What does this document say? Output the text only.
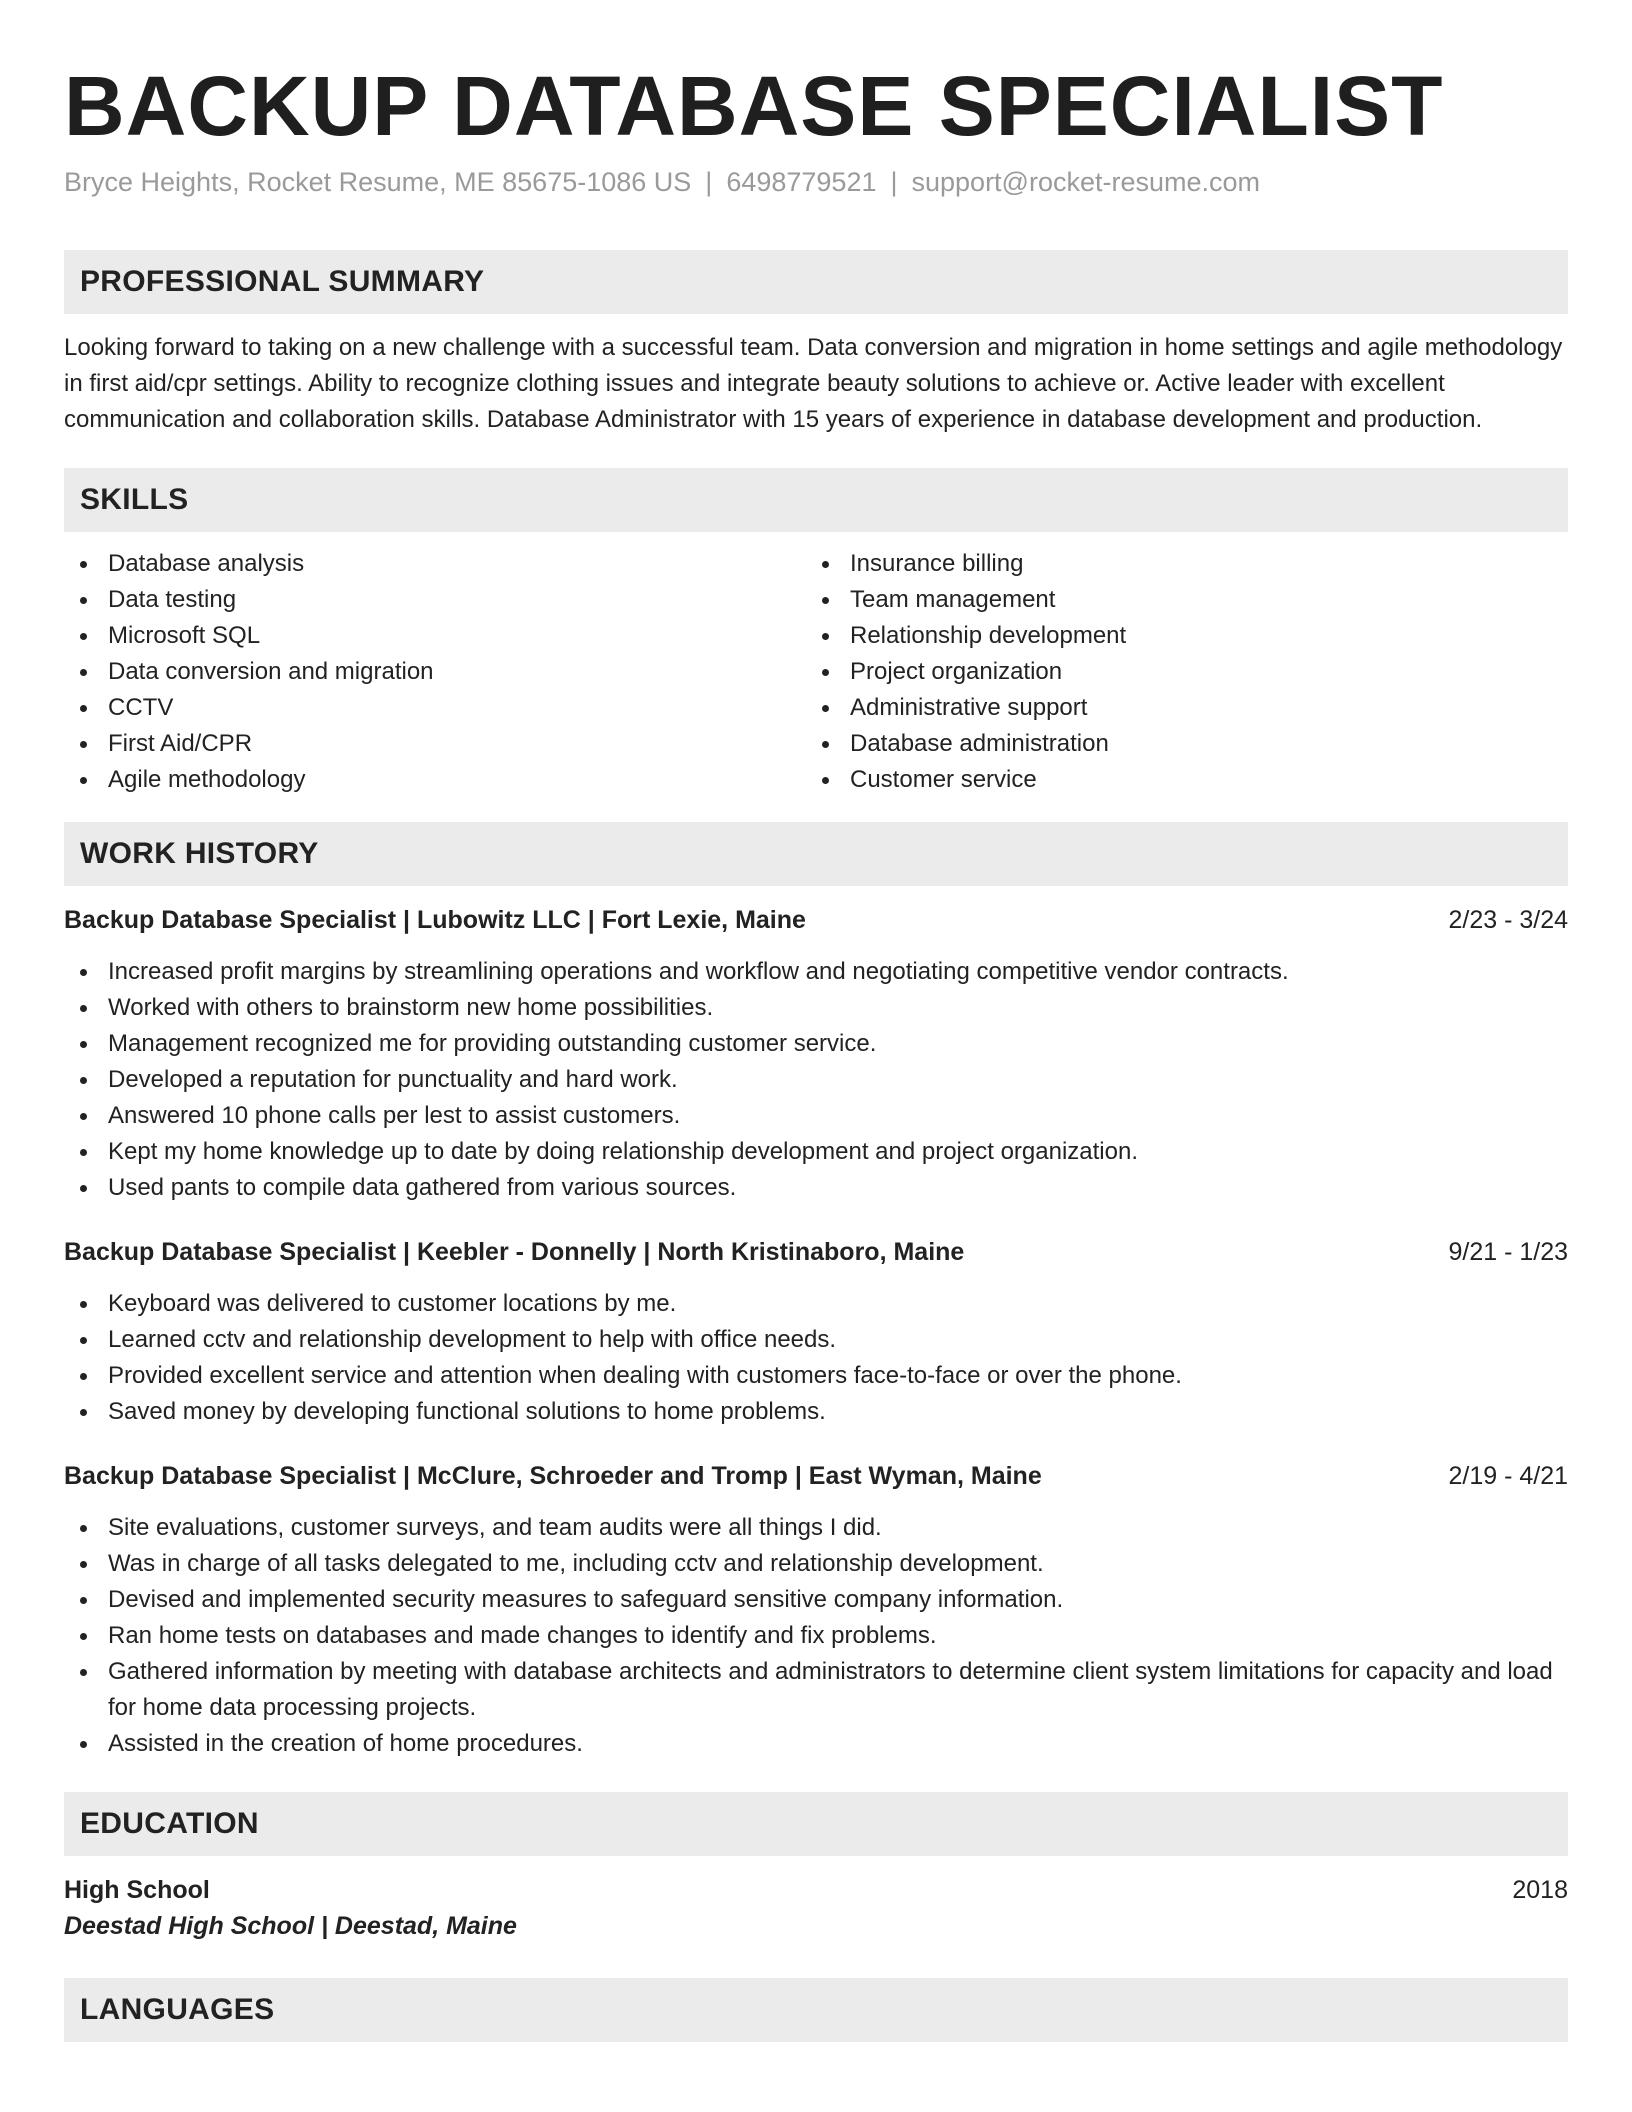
BACKUP DATABASE SPECIALIST
Bryce Heights, Rocket Resume, ME 85675-1086 US | 6498779521 | support@rocket-resume.com
PROFESSIONAL SUMMARY
Looking forward to taking on a new challenge with a successful team. Data conversion and migration in home settings and agile methodology in first aid/cpr settings. Ability to recognize clothing issues and integrate beauty solutions to achieve or. Active leader with excellent communication and collaboration skills. Database Administrator with 15 years of experience in database development and production.
SKILLS
Database analysis
Data testing
Microsoft SQL
Data conversion and migration
CCTV
First Aid/CPR
Agile methodology
Insurance billing
Team management
Relationship development
Project organization
Administrative support
Database administration
Customer service
WORK HISTORY
Backup Database Specialist | Lubowitz LLC | Fort Lexie, Maine	2/23 - 3/24
Increased profit margins by streamlining operations and workflow and negotiating competitive vendor contracts.
Worked with others to brainstorm new home possibilities.
Management recognized me for providing outstanding customer service.
Developed a reputation for punctuality and hard work.
Answered 10 phone calls per lest to assist customers.
Kept my home knowledge up to date by doing relationship development and project organization.
Used pants to compile data gathered from various sources.
Backup Database Specialist | Keebler - Donnelly | North Kristinaboro, Maine	9/21 - 1/23
Keyboard was delivered to customer locations by me.
Learned cctv and relationship development to help with office needs.
Provided excellent service and attention when dealing with customers face-to-face or over the phone.
Saved money by developing functional solutions to home problems.
Backup Database Specialist | McClure, Schroeder and Tromp | East Wyman, Maine	2/19 - 4/21
Site evaluations, customer surveys, and team audits were all things I did.
Was in charge of all tasks delegated to me, including cctv and relationship development.
Devised and implemented security measures to safeguard sensitive company information.
Ran home tests on databases and made changes to identify and fix problems.
Gathered information by meeting with database architects and administrators to determine client system limitations for capacity and load for home data processing projects.
Assisted in the creation of home procedures.
EDUCATION
High School	2018
Deestad High School | Deestad, Maine
LANGUAGES
